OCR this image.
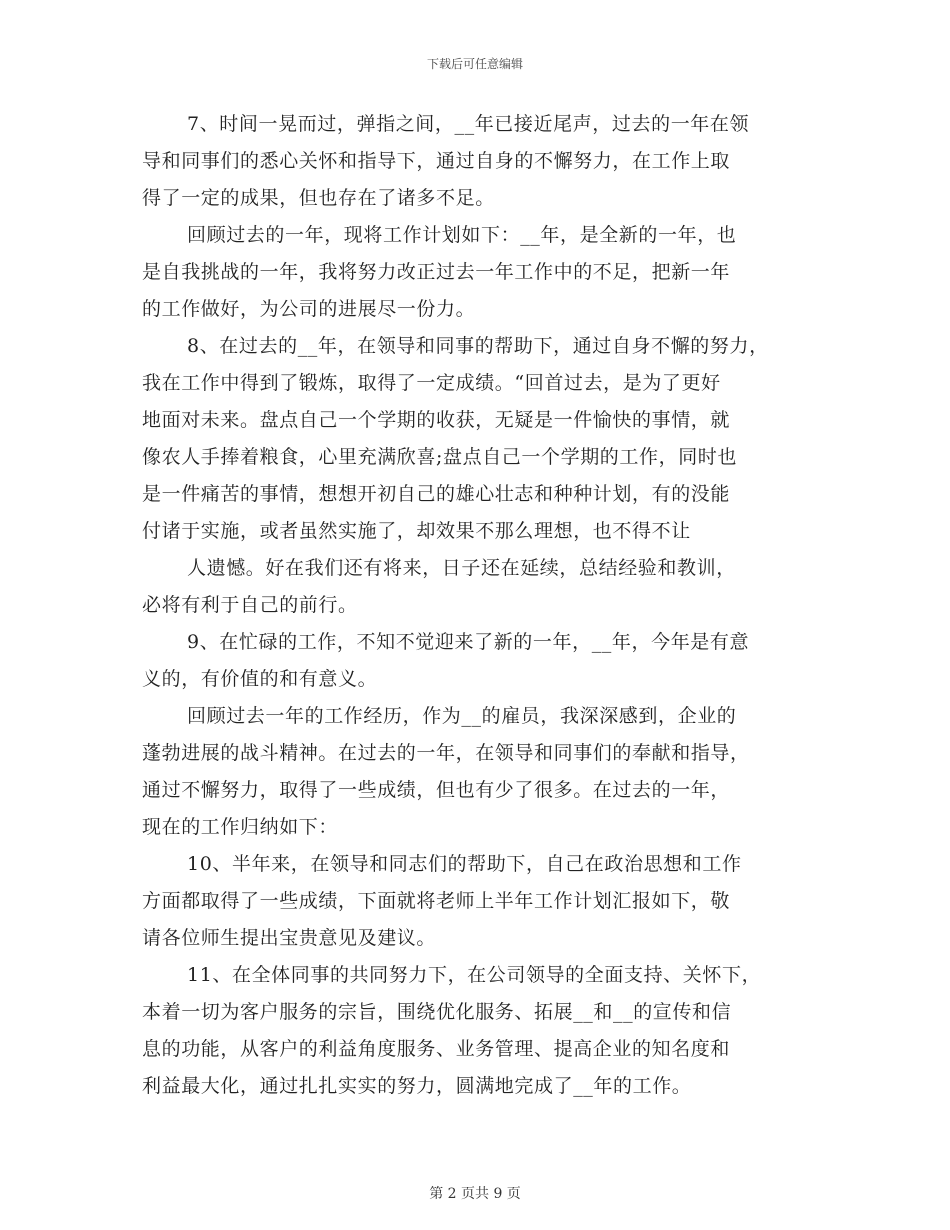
下载后可任意编辑
7、时间一晃而过，弹指之间，__年已接近尾声，过去的一年在领
导和同事们的悉心关怀和指导下，通过自身的不懈努力，在工作上取
得了一定的成果，但也存在了诸多不足。
回顾过去的一年，现将工作计划如下：__年，是全新的一年，也
是自我挑战的一年，我将努力改正过去一年工作中的不足，把新一年
的工作做好，为公司的进展尽一份力。
8、在过去的__年，在领导和同事的帮助下，通过自身不懈的努力，
我在工作中得到了锻炼，取得了一定成绩。“回首过去，是为了更好
地面对未来。盘点自己一个学期的收获，无疑是一件愉快的事情，就
像农人手捧着粮食，心里充满欣喜;盘点自己一个学期的工作，同时也
是一件痛苦的事情，想想开初自己的雄心壮志和种种计划，有的没能
付诸于实施，或者虽然实施了，却效果不那么理想，也不得不让
人遗憾。好在我们还有将来，日子还在延续，总结经验和教训，
必将有利于自己的前行。
9、在忙碌的工作，不知不觉迎来了新的一年，__年，今年是有意
义的，有价值的和有意义。
回顾过去一年的工作经历，作为__的雇员，我深深感到，企业的
蓬勃进展的战斗精神。在过去的一年，在领导和同事们的奉献和指导，
通过不懈努力，取得了一些成绩，但也有少了很多。在过去的一年，
现在的工作归纳如下：
10、半年来，在领导和同志们的帮助下，自己在政治思想和工作
方面都取得了一些成绩，下面就将老师上半年工作计划汇报如下，敬
请各位师生提出宝贵意见及建议。
11、在全体同事的共同努力下，在公司领导的全面支持、关怀下，
本着一切为客户服务的宗旨，围绕优化服务、拓展__和__的宣传和信
息的功能，从客户的利益角度服务、业务管理、提高企业的知名度和
利益最大化，通过扎扎实实的努力，圆满地完成了__年的工作。
第 2 页共 9 页
